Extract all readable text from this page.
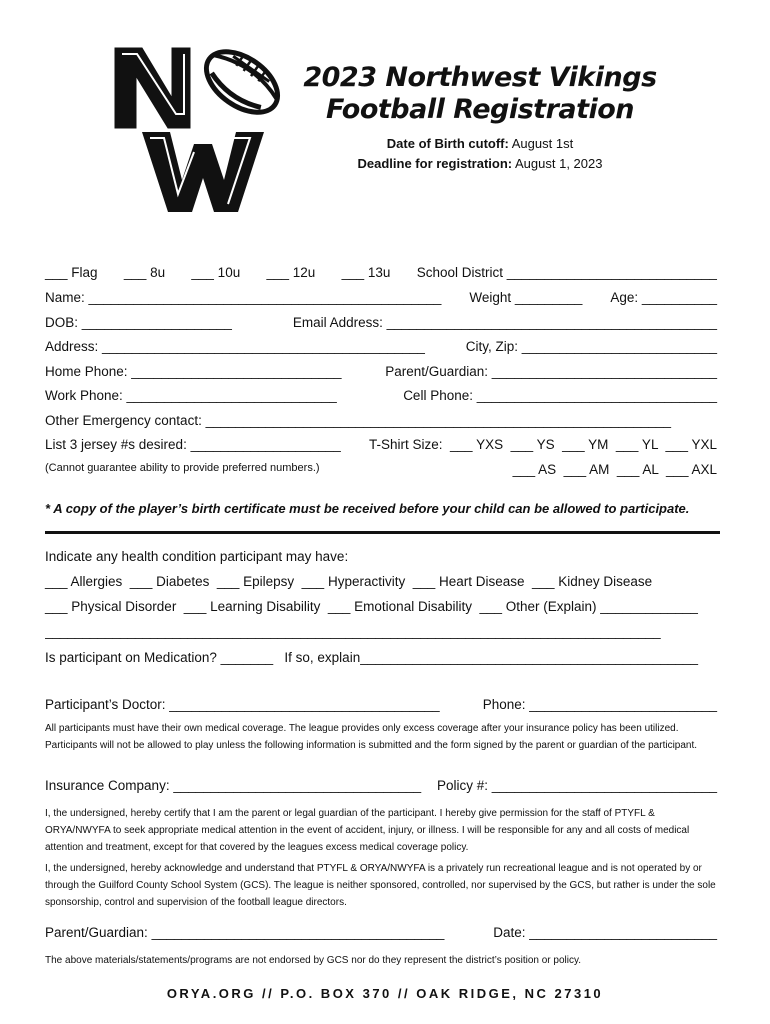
2023 Northwest Vikings
Football Registration
Date of Birth cutoff: August 1st
Deadline for registration: August 1, 2023
___ Flag ___ 8u ___ 10u ___ 12u ___ 13u School District ____________________________
Name: _______________________________________________ Weight _________ Age: __________
DOB: ____________________	Email Address: ____________________________________________
Address: ___________________________________________	City, Zip: __________________________
Home Phone: ____________________________	Parent/Guardian: ______________________________
Work Phone: ____________________________	Cell Phone: ________________________________
Other Emergency contact: ______________________________________________________________
List 3 jersey #s desired: ____________________ T-Shirt Size:  ___ YXS  ___ YS  ___ YM  ___ YL  ___ YXL
(Cannot guarantee ability to provide preferred numbers.)	___ AS  ___ AM  ___ AL  ___ AXL
* A copy of the player’s birth certificate must be received before your child can be allowed to participate.
Indicate any health condition participant may have:
___ Allergies  ___ Diabetes  ___ Epilepsy  ___ Hyperactivity  ___ Heart Disease  ___ Kidney Disease
___ Physical Disorder  ___ Learning Disability  ___ Emotional Disability  ___ Other (Explain) _____________
__________________________________________________________________________________
Is participant on Medication? _______   If so, explain_____________________________________________
Participant’s Doctor: ____________________________________	Phone: _________________________
All participants must have their own medical coverage. The league provides only excess coverage after your insurance policy has been utilized. Participants will not be allowed to play unless the following information is submitted and the form signed by the parent or guardian of the participant.
Insurance Company: _________________________________ Policy #: ______________________________
I, the undersigned, hereby certify that I am the parent or legal guardian of the participant. I hereby give permission for the staff of PTYFL & ORYA/NWYFA to seek appropriate medical attention in the event of accident, injury, or illness. I will be responsible for any and all costs of medical attention and treatment, except for that covered by the leagues excess medical coverage policy.
I, the undersigned, hereby acknowledge and understand that PTYFL & ORYA/NWYFA is a privately run recreational league and is not operated by or through the Guilford County School System (GCS). The league is neither sponsored, controlled, nor supervised by the GCS, but rather is under the sole sponsorship, control and supervision of the football league directors.
Parent/Guardian: _______________________________________	Date: _________________________
The above materials/statements/programs are not endorsed by GCS nor do they represent the district’s position or policy.
ORYA.ORG // P.O. BOX 370 // OAK RIDGE, NC 27310
